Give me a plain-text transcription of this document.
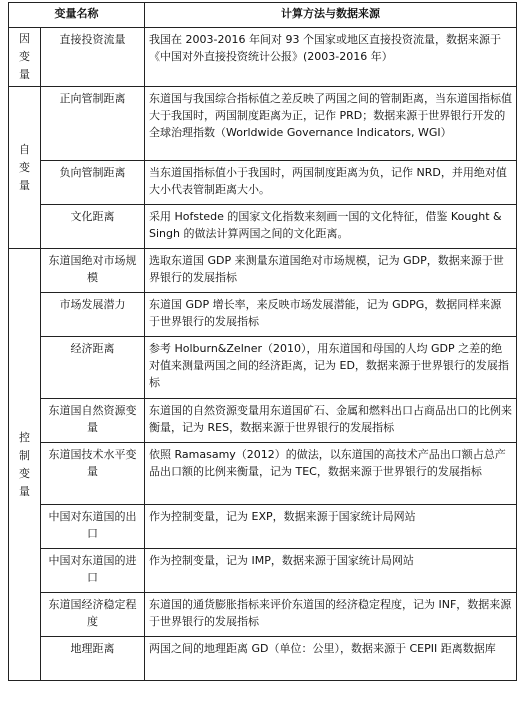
变量名称		计算方法与数据来源

因
变
量	直接投资流量	我国在 2003-2016 年间对 93 个国家或地区直接投资流量，数据来源于《中国对外直接投资统计公报》(2003-2016 年）

自
变
量	正向管制距离	东道国与我国综合指标值之差反映了两国之间的管制距离，当东道国指标值大于我国时，两国制度距离为正，记作 PRD；数据来源于世界银行开发的全球治理指数（Worldwide Governance Indicators, WGI）
	负向管制距离	当东道国指标值小于我国时，两国制度距离为负，记作 NRD，并用绝对值大小代表管制距离大小。
	文化距离	采用 Hofstede 的国家文化指数来刻画一国的文化特征，借鉴 Kought & Singh 的做法计算两国之间的文化距离。

控
制
变
量	东道国绝对市场规模	选取东道国 GDP 来测量东道国绝对市场规模，记为 GDP，数据来源于世界银行的发展指标
	市场发展潜力	东道国 GDP 增长率，来反映市场发展潜能，记为 GDPG，数据同样来源于世界银行的发展指标
	经济距离	参考 Holburn&Zelner（2010），用东道国和母国的人均 GDP 之差的绝对值来测量两国之间的经济距离，记为 ED，数据来源于世界银行的发展指标
	东道国自然资源变量	东道国的自然资源变量用东道国矿石、金属和燃料出口占商品出口的比例来衡量，记为 RES，数据来源于世界银行的发展指标
	东道国技术水平变量	依照 Ramasamy（2012）的做法，以东道国的高技术产品出口额占总产品出口额的比例来衡量，记为 TEC，数据来源于世界银行的发展指标
	中国对东道国的出口	作为控制变量，记为 EXP，数据来源于国家统计局网站
	中国对东道国的进口	作为控制变量，记为 IMP，数据来源于国家统计局网站
	东道国经济稳定程度	东道国的通货膨胀指标来评价东道国的经济稳定程度，记为 INF，数据来源于世界银行的发展指标
	地理距离	两国之间的地理距离 GD（单位：公里），数据来源于 CEPII 距离数据库
